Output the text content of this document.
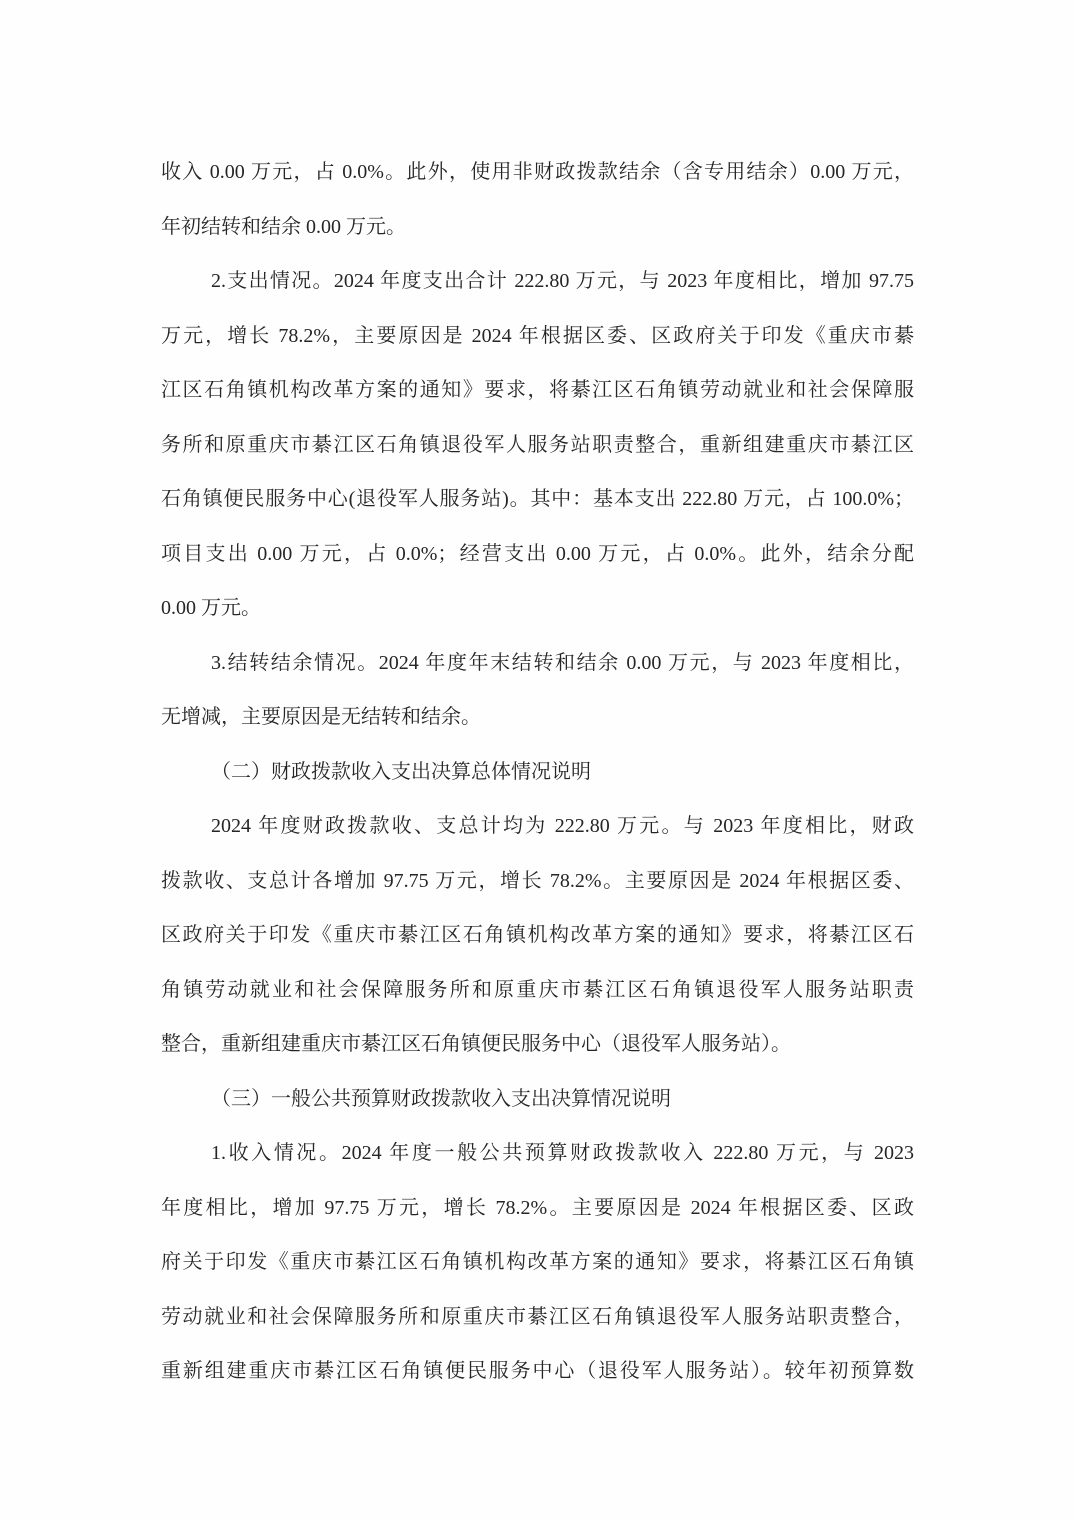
收入 0.00 万元，占 0.0%。此外，使用非财政拨款结余（含专用结余）0.00 万元，
年初结转和结余 0.00 万元。
2.支出情况。2024 年度支出合计 222.80 万元，与 2023 年度相比，增加 97.75
万元，增长 78.2%，主要原因是 2024 年根据区委、区政府关于印发《重庆市綦
江区石角镇机构改革方案的通知》要求，将綦江区石角镇劳动就业和社会保障服
务所和原重庆市綦江区石角镇退役军人服务站职责整合，重新组建重庆市綦江区
石角镇便民服务中心(退役军人服务站)。其中：基本支出 222.80 万元，占 100.0%；
项目支出 0.00 万元，占 0.0%；经营支出 0.00 万元，占 0.0%。此外，结余分配
0.00 万元。
3.结转结余情况。2024 年度年末结转和结余 0.00 万元，与 2023 年度相比，
无增减，主要原因是无结转和结余。
（二）财政拨款收入支出决算总体情况说明
2024 年度财政拨款收、支总计均为 222.80 万元。与 2023 年度相比，财政
拨款收、支总计各增加 97.75 万元，增长 78.2%。主要原因是 2024 年根据区委、
区政府关于印发《重庆市綦江区石角镇机构改革方案的通知》要求，将綦江区石
角镇劳动就业和社会保障服务所和原重庆市綦江区石角镇退役军人服务站职责
整合，重新组建重庆市綦江区石角镇便民服务中心（退役军人服务站）。
（三）一般公共预算财政拨款收入支出决算情况说明
1.收入情况。2024 年度一般公共预算财政拨款收入 222.80 万元，与 2023
年度相比，增加 97.75 万元，增长 78.2%。主要原因是 2024 年根据区委、区政
府关于印发《重庆市綦江区石角镇机构改革方案的通知》要求，将綦江区石角镇
劳动就业和社会保障服务所和原重庆市綦江区石角镇退役军人服务站职责整合，
重新组建重庆市綦江区石角镇便民服务中心（退役军人服务站）。较年初预算数
